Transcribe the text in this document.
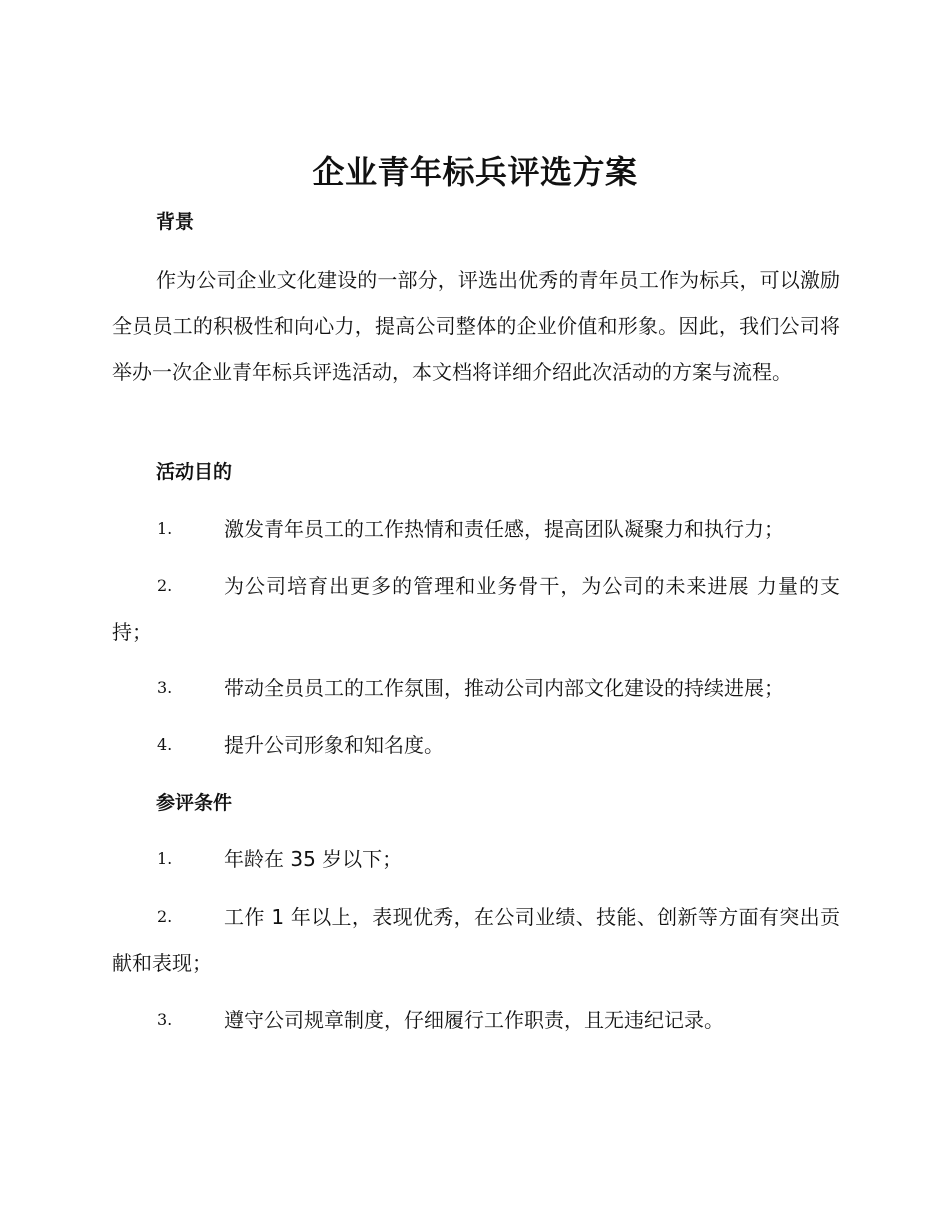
企业青年标兵评选方案
背景
作为公司企业文化建设的一部分，评选出优秀的青年员工作为标兵，可以激励全员员工的积极性和向心力，提高公司整体的企业价值和形象。因此，我们公司将举办一次企业青年标兵评选活动，本文档将详细介绍此次活动的方案与流程。
活动目的
1.	激发青年员工的工作热情和责任感，提高团队凝聚力和执行力；
2.	为公司培育出更多的管理和业务骨干，为公司的未来进展 力量的支持；
3.	带动全员员工的工作氛围，推动公司内部文化建设的持续进展；
4.	提升公司形象和知名度。
参评条件
1.	年龄在 35 岁以下；
2.	工作 1 年以上，表现优秀，在公司业绩、技能、创新等方面有突出贡献和表现；
3.	遵守公司规章制度，仔细履行工作职责，且无违纪记录。
